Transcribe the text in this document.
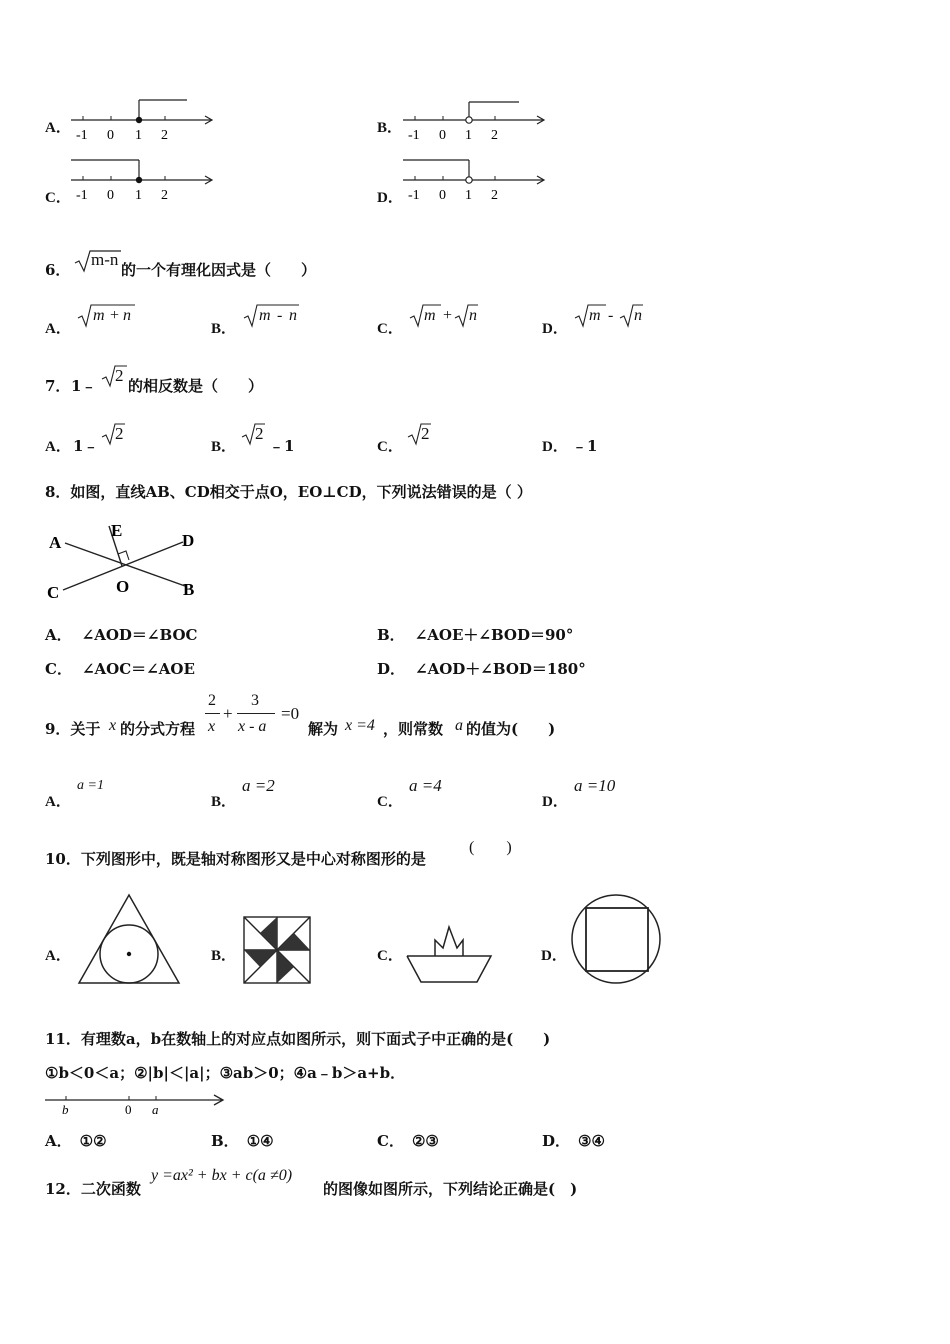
A． -1 0 1 2	B． -1 0 1 2
C． -1 0 1 2	D． -1 0 1 2
6．
m-n
的一个有理化因式是（　　）
A．
m + n
B．
m - n
C．
m + n
D．
m - n
7． 1﹣
2
的相反数是（　　）
A． 1﹣
2
B．
2
﹣1	C．
2
D． ﹣1
8．如图，直线AB、CD相交于点O，EO⊥CD，下列说法错误的是（ ）
A
B
C
D
E
O
A． ∠AOD＝∠BOC	B． ∠AOE＋∠BOD＝90°
C． ∠AOC＝∠AOE	D． ∠AOD＋∠BOD＝180°
9．关于 x 的分式方程
2
x
+
3
x - a
=0
解为 x =4 ，则常数 a 的值为(　　)
A．
a =1
B．
a =2
C．
a =4
D．
a =10
10．下列图形中，既是轴对称图形又是中心对称图形的是
(　　)
A．	B．	C．	D．
11．有理数a，b在数轴上的对应点如图所示，则下面式子中正确的是(　　)
①b＜0＜a；②|b|＜|a|；③ab＞0；④a﹣b＞a+b．
b	0 a
A． ①②	B． ①④	C． ②③	D． ③④
12．二次函数
y =ax² + bx + c(a ≠0)
的图像如图所示，下列结论正确是(　)
